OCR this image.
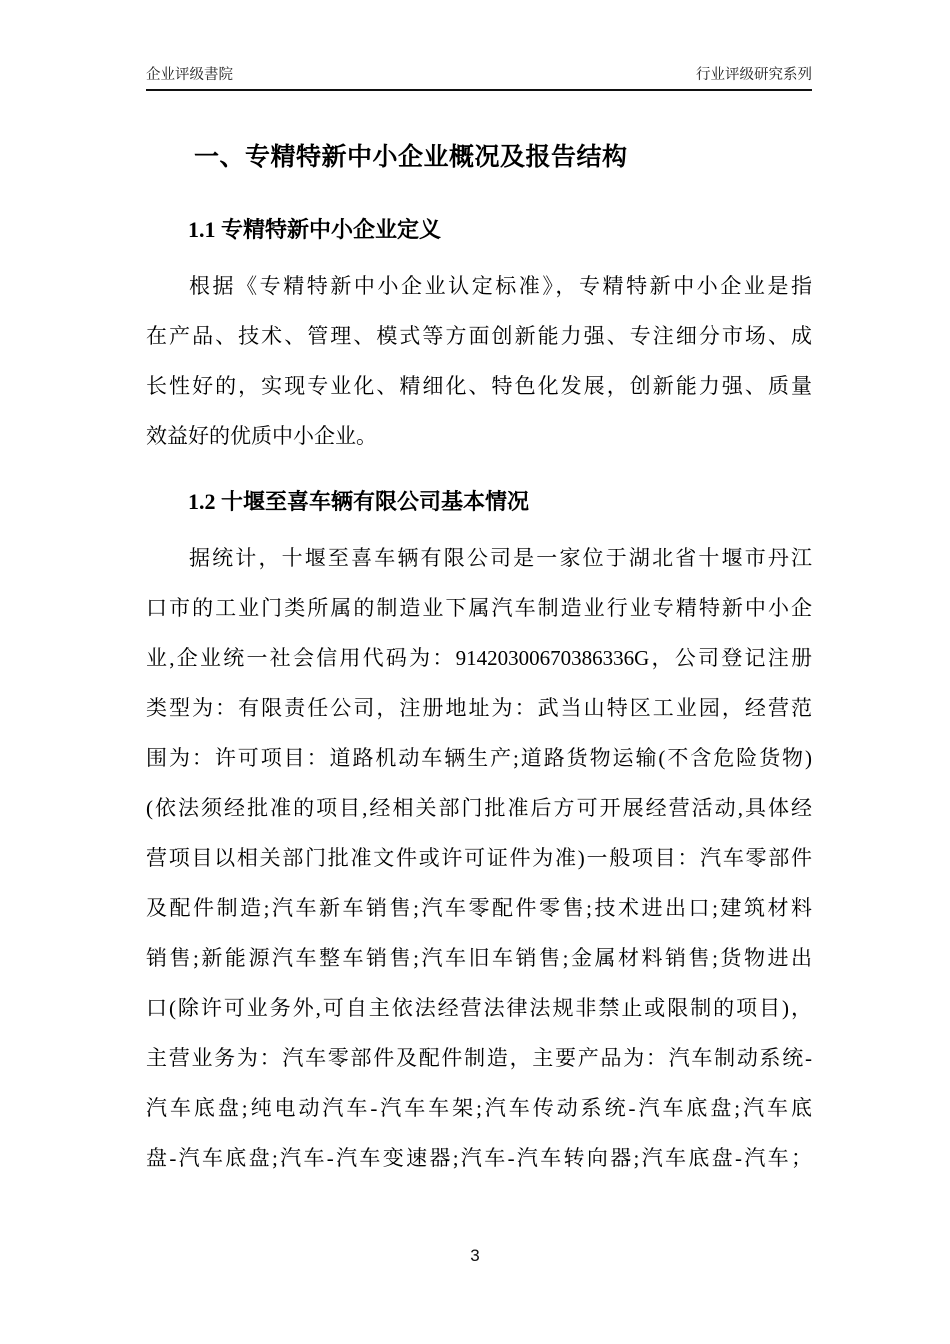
企业评级書院	行业评级研究系列
一、专精特新中小企业概况及报告结构
1.1 专精特新中小企业定义
根据《专精特新中小企业认定标准》，专精特新中小企业是指
在产品、技术、管理、模式等方面创新能力强、专注细分市场、成
长性好的，实现专业化、精细化、特色化发展，创新能力强、质量
效益好的优质中小企业。
1.2 十堰至喜车辆有限公司基本情况
据统计，十堰至喜车辆有限公司是一家位于湖北省十堰市丹江
口市的工业门类所属的制造业下属汽车制造业行业专精特新中小企
业,企业统一社会信用代码为：91420300670386336G，公司登记注册
类型为：有限责任公司，注册地址为：武当山特区工业园，经营范
围为：许可项目：道路机动车辆生产;道路货物运输(不含危险货物)
(依法须经批准的项目,经相关部门批准后方可开展经营活动,具体经
营项目以相关部门批准文件或许可证件为准)一般项目：汽车零部件
及配件制造;汽车新车销售;汽车零配件零售;技术进出口;建筑材料
销售;新能源汽车整车销售;汽车旧车销售;金属材料销售;货物进出
口(除许可业务外,可自主依法经营法律法规非禁止或限制的项目)，
主营业务为：汽车零部件及配件制造，主要产品为：汽车制动系统-
汽车底盘;纯电动汽车-汽车车架;汽车传动系统-汽车底盘;汽车底
盘-汽车底盘;汽车-汽车变速器;汽车-汽车转向器;汽车底盘-汽车；
3
